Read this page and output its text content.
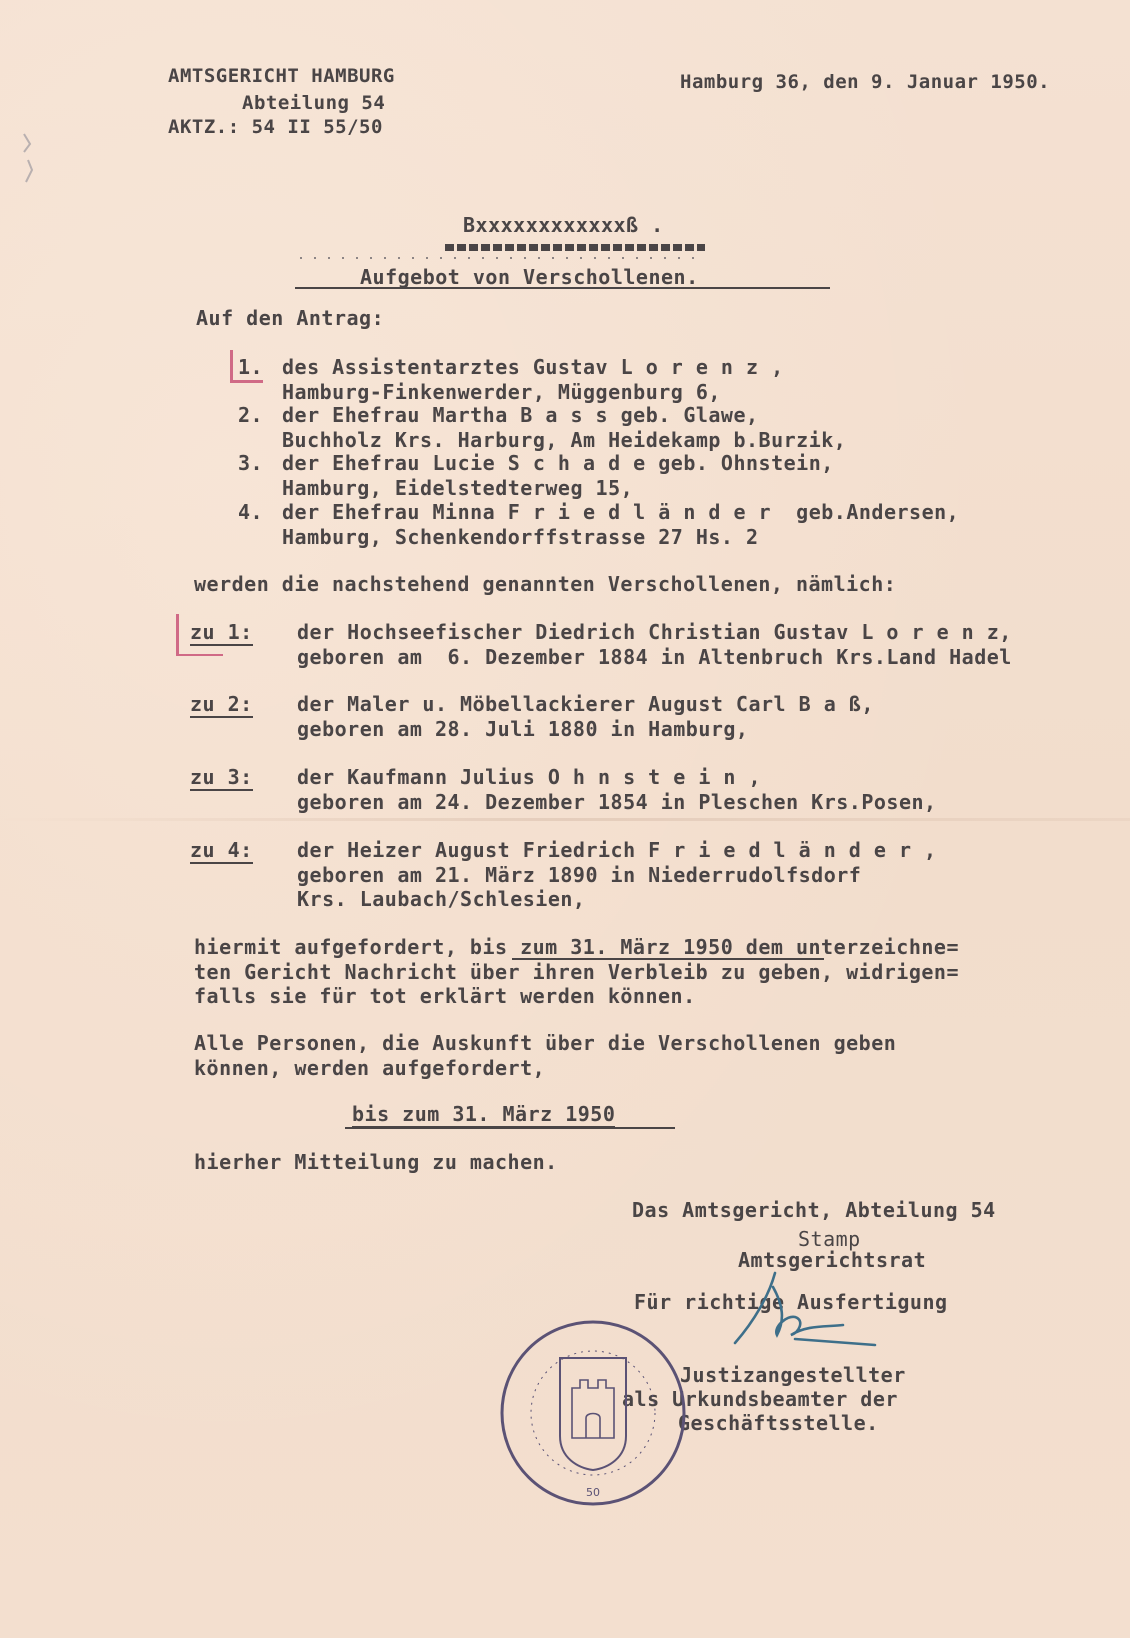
AMTSGERICHT HAMBURG
Abteilung 54
AKTZ.: 54 II 55/50
Hamburg 36, den 9. Januar 1950.
Bxxxxxxxxxxxxß .
Aufgebot von Verschollenen.
Auf den Antrag:
1. des Assistentarztes Gustav L o r e n z ,
Hamburg-Finkenwerder, Müggenburg 6,
2. der Ehefrau Martha B a s s geb. Glawe,
Buchholz Krs. Harburg, Am Heidekamp b.Burzik,
3. der Ehefrau Lucie S c h a d e geb. Ohnstein,
Hamburg, Eidelstedterweg 15,
4. der Ehefrau Minna F r i e d l ä n d e r  geb.Andersen,
Hamburg, Schenkendorffstrasse 27 Hs. 2
werden die nachstehend genannten Verschollenen, nämlich:
zu 1: der Hochseefischer Diedrich Christian Gustav L o r e n z,
geboren am  6. Dezember 1884 in Altenbruch Krs.Land Hadel
zu 2: der Maler u. Möbellackierer August Carl B a ß,
geboren am 28. Juli 1880 in Hamburg,
zu 3: der Kaufmann Julius O h n s t e i n ,
geboren am 24. Dezember 1854 in Pleschen Krs.Posen,
zu 4: der Heizer August Friedrich F r i e d l ä n d e r ,
geboren am 21. März 1890 in Niederrudolfsdorf
Krs. Laubach/Schlesien,
hiermit aufgefordert, bis zum 31. März 1950 dem unterzeichne=
ten Gericht Nachricht über ihren Verbleib zu geben, widrigen=
falls sie für tot erklärt werden können.
Alle Personen, die Auskunft über die Verschollenen geben
können, werden aufgefordert,
bis zum 31. März 1950
hierher Mitteilung zu machen.
Das Amtsgericht, Abteilung 54
Stamp
Amtsgerichtsrat
Für richtige Ausfertigung
Justizangestellter
als Urkundsbeamter der
Geschäftsstelle.
50
